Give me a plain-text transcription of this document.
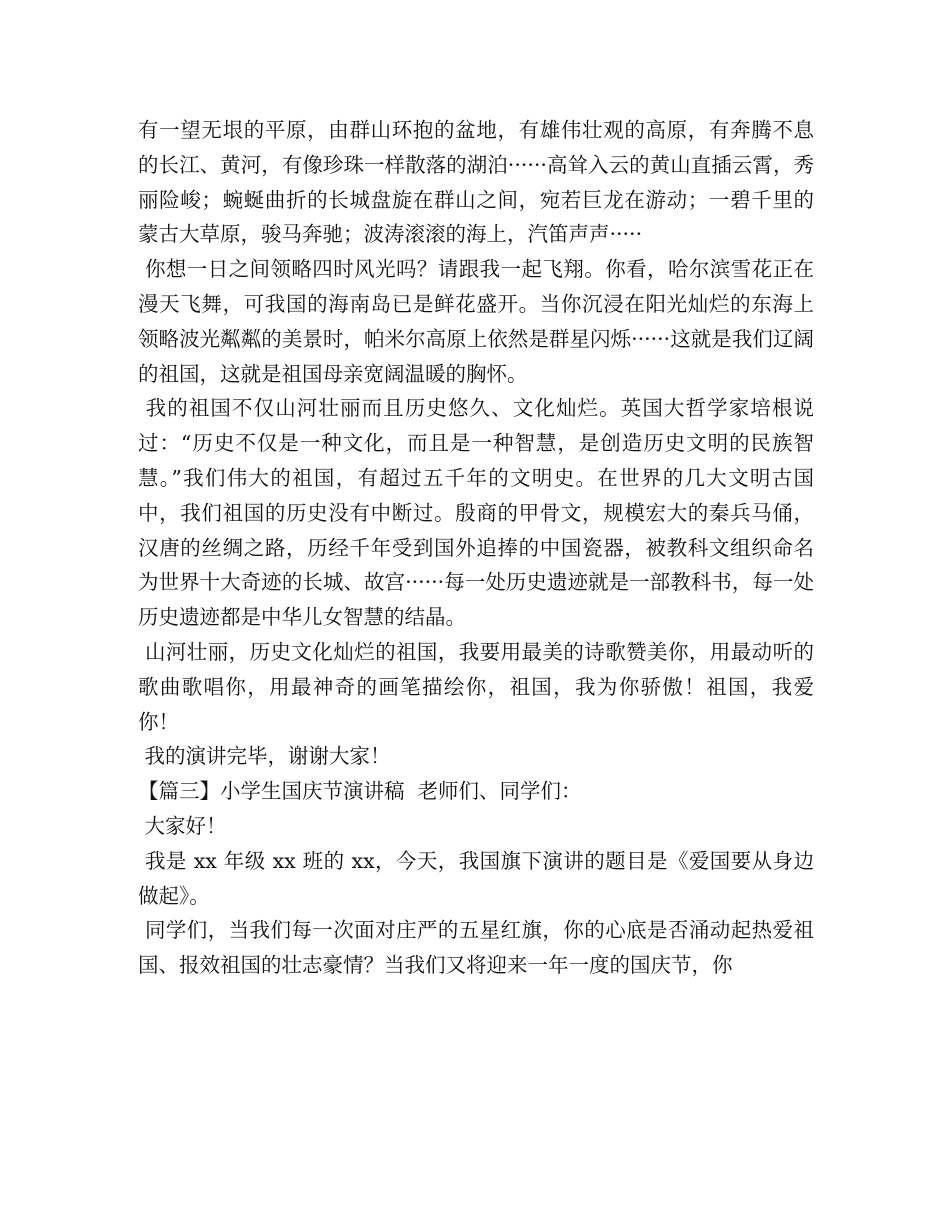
有一望无垠的平原，由群山环抱的盆地，有雄伟壮观的高原，有奔腾不息的长江、黄河，有像珍珠一样散落的湖泊······高耸入云的黄山直插云霄，秀丽险峻；蜿蜒曲折的长城盘旋在群山之间，宛若巨龙在游动；一碧千里的蒙古大草原，骏马奔驰；波涛滚滚的海上，汽笛声声·····

你想一日之间领略四时风光吗？请跟我一起飞翔。你看，哈尔滨雪花正在漫天飞舞，可我国的海南岛已是鲜花盛开。当你沉浸在阳光灿烂的东海上领略波光粼粼的美景时，帕米尔高原上依然是群星闪烁······这就是我们辽阔的祖国，这就是祖国母亲宽阔温暖的胸怀。

我的祖国不仅山河壮丽而且历史悠久、文化灿烂。英国大哲学家培根说过：“历史不仅是一种文化，而且是一种智慧，是创造历史文明的民族智慧。”我们伟大的祖国，有超过五千年的文明史。在世界的几大文明古国中，我们祖国的历史没有中断过。殷商的甲骨文，规模宏大的秦兵马俑，汉唐的丝绸之路，历经千年受到国外追捧的中国瓷器，被教科文组织命名为世界十大奇迹的长城、故宫······每一处历史遗迹就是一部教科书，每一处历史遗迹都是中华儿女智慧的结晶。

山河壮丽，历史文化灿烂的祖国，我要用最美的诗歌赞美你，用最动听的歌曲歌唱你，用最神奇的画笔描绘你，祖国，我为你骄傲！祖国，我爱你！

我的演讲完毕，谢谢大家！

【篇三】小学生国庆节演讲稿  老师们、同学们：

大家好！

我是 xx 年级 xx 班的 xx，今天，我国旗下演讲的题目是《爱国要从身边做起》。

同学们，当我们每一次面对庄严的五星红旗，你的心底是否涌动起热爱祖国、报效祖国的壮志豪情？当我们又将迎来一年一度的国庆节，你
